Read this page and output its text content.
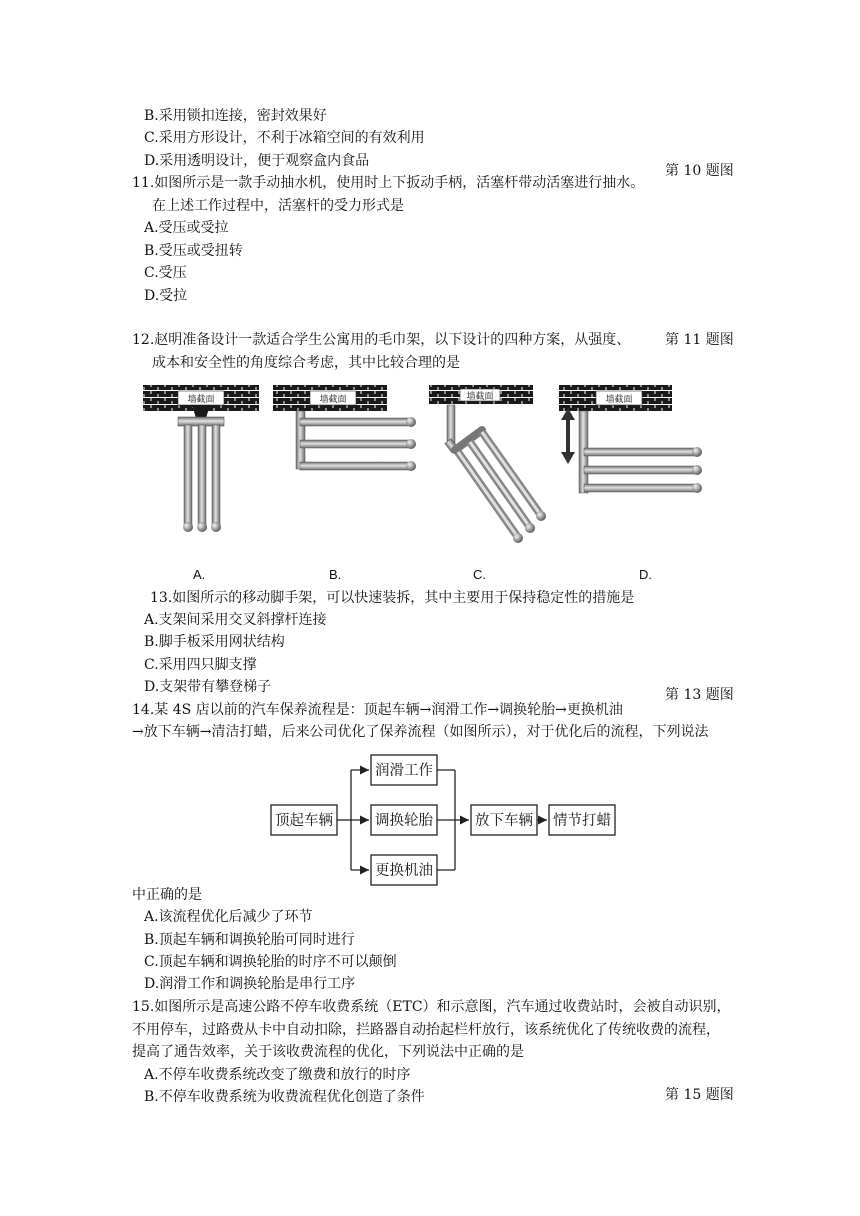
B.采用锁扣连接，密封效果好
C.采用方形设计，不利于冰箱空间的有效利用
D.采用透明设计，便于观察盒内食品
第 10 题图
11.如图所示是一款手动抽水机，使用时上下扳动手柄，活塞杆带动活塞进行抽水。
在上述工作过程中，活塞杆的受力形式是
A.受压或受拉
B.受压或受扭转
C.受压
D.受拉
第 11 题图
12.赵明准备设计一款适合学生公寓用的毛巾架，以下设计的四种方案，从强度、
成本和安全性的角度综合考虑，其中比较合理的是
墙截面	墙截面	墙截面	墙截面
A.	B.	C.	D.
13.如图所示的移动脚手架，可以快速装拆，其中主要用于保持稳定性的措施是
A.支架间采用交叉斜撑杆连接
B.脚手板采用网状结构
C.采用四只脚支撑
D.支架带有攀登梯子	第 13 题图
14.某 4S 店以前的汽车保养流程是：顶起车辆→润滑工作→调换轮胎→更换机油
→放下车辆→清洁打蜡，后来公司优化了保养流程（如图所示），对于优化后的流程，下列说法
顶起车辆
润滑工作
调换轮胎
更换机油
放下车辆 情节打蜡
中正确的是
A.该流程优化后减少了环节
B.顶起车辆和调换轮胎可同时进行
C.顶起车辆和调换轮胎的时序不可以颠倒
D.润滑工作和调换轮胎是串行工序
15.如图所示是高速公路不停车收费系统（ETC）和示意图，汽车通过收费站时，会被自动识别，
不用停车，过路费从卡中自动扣除，拦路器自动抬起栏杆放行，该系统优化了传统收费的流程，
提高了通告效率，关于该收费流程的优化，下列说法中正确的是
A.不停车收费系统改变了缴费和放行的时序
B.不停车收费系统为收费流程优化创造了条件	第 15 题图
